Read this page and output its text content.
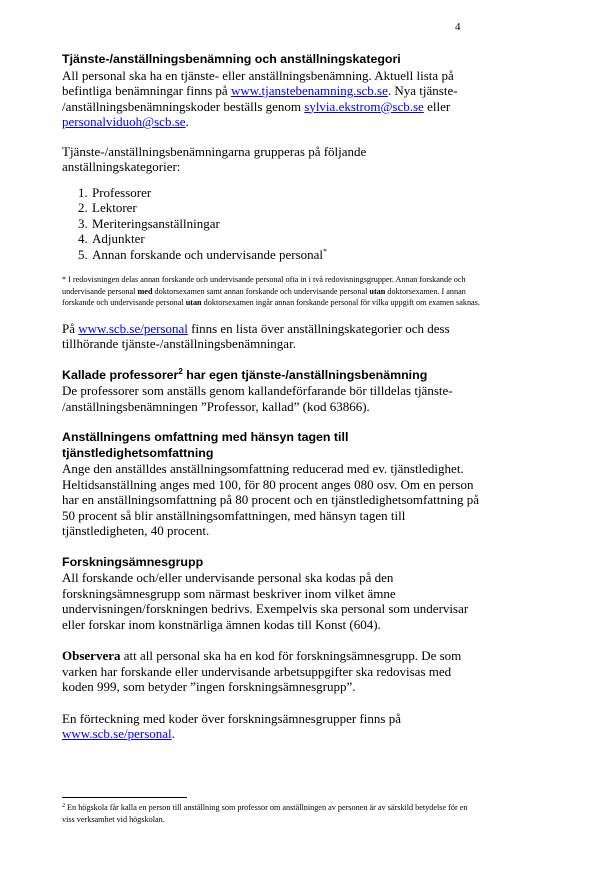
4
Tjänste-/anställningsbenämning och anställningskategori

All personal ska ha en tjänste- eller anställningsbenämning. Aktuell lista på befintliga benämningar finns på www.tjanstebenamning.scb.se. Nya tjänste- /anställningsbenämningskoder beställs genom sylvia.ekstrom@scb.se eller personalviduoh@scb.se.

Tjänste-/anställningsbenämningarna grupperas på följande anställningskategorier:

1. Professorer
2. Lektorer
3. Meriteringsanställningar
4. Adjunkter
5. Annan forskande och undervisande personal*

* I redovisningen delas annan forskande och undervisande personal ofta in i två redovisningsgrupper. Annan forskande och undervisande personal med doktorsexamen samt annan forskande och undervisande personal utan doktorsexamen. I annan forskande och undervisande personal utan doktorsexamen ingår annan forskande personal för vilka uppgift om examen saknas.

På www.scb.se/personal finns en lista över anställningskategorier och dess tillhörande tjänste-/anställningsbenämningar.

Kallade professorer$^2$ har egen tjänste-/anställningsbenämning

De professorer som anställs genom kallandeförfarande bör tilldelas tjänste- /anställningsbenämningen ”Professor, kallad” (kod 63866).

Anställningens omfattning med hänsyn tagen till tjänstledighetsomfattning

Ange den anställdes anställningsomfattning reducerad med ev. tjänstledighet. Heltidsanställning anges med 100, för 80 procent anges 080 osv. Om en person har en anställningsomfattning på 80 procent och en tjänstledighetsomfattning på 50 procent så blir anställningsomfattningen, med hänsyn tagen till tjänstledigheten, 40 procent.

Forskningsämnesgrupp

All forskande och/eller undervisande personal ska kodas på den forskningsämnesgrupp som närmast beskriver inom vilket ämne undervisningen/forskningen bedrivs. Exempelvis ska personal som undervisar eller forskar inom konstnärliga ämnen kodas till Konst (604).

Observera att all personal ska ha en kod för forskningsämnesgrupp. De som varken har forskande eller undervisande arbetsuppgifter ska redovisas med koden 999, som betyder ”ingen forskningsämnesgrupp”.

En förteckning med koder över forskningsämnesgrupper finns på www.scb.se/personal.

$^2$ En högskola får kalla en person till anställning som professor om anställningen av personen är av särskild betydelse för en viss verksamhet vid högskolan.
